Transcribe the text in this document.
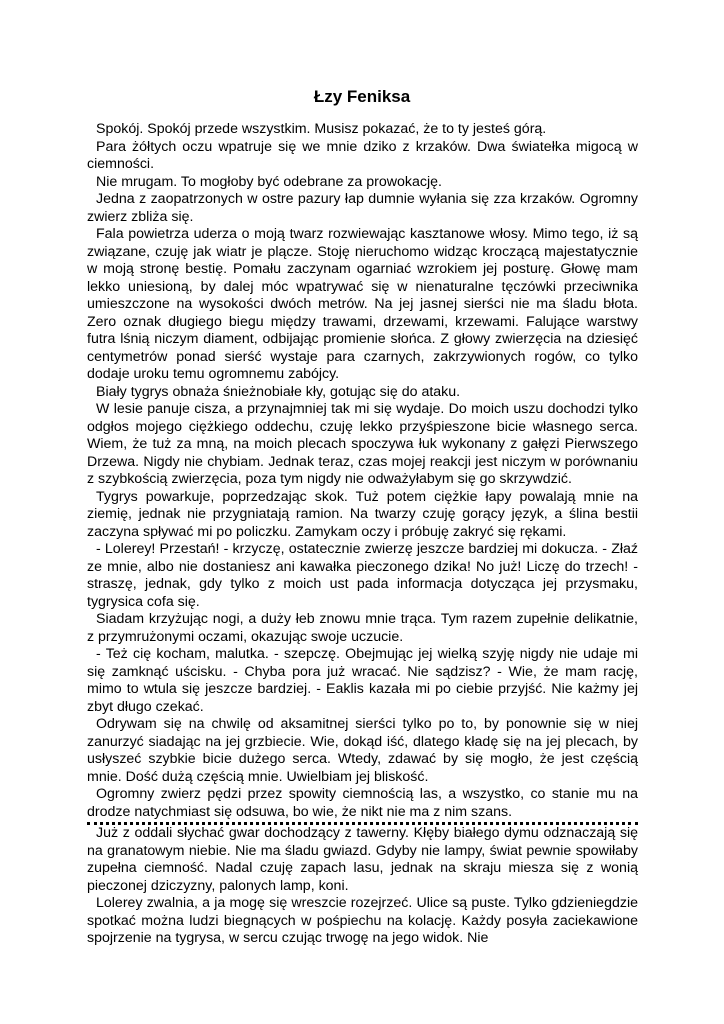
Łzy Feniksa

Spokój. Spokój przede wszystkim. Musisz pokazać, że to ty jesteś górą.

Para żółtych oczu wpatruje się we mnie dziko z krzaków. Dwa światełka migocą w ciemności.

Nie mrugam. To mogłoby być odebrane za prowokację.

Jedna z zaopatrzonych w ostre pazury łap dumnie wyłania się zza krzaków. Ogromny zwierz zbliża się.

Fala powietrza uderza o moją twarz rozwiewając kasztanowe włosy. Mimo tego, iż są związane, czuję jak wiatr je plącze. Stoję nieruchomo widząc kroczącą majestatycznie w moją stronę bestię. Pomału zaczynam ogarniać wzrokiem jej posturę. Głowę mam lekko uniesioną, by dalej móc wpatrywać się w nienaturalne tęczówki przeciwnika umieszczone na wysokości dwóch metrów. Na jej jasnej sierści nie ma śladu błota. Zero oznak długiego biegu między trawami, drzewami, krzewami. Falujące warstwy futra lśnią niczym diament, odbijając promienie słońca. Z głowy zwierzęcia na dziesięć centymetrów ponad sierść wystaje para czarnych, zakrzywionych rogów, co tylko dodaje uroku temu ogromnemu zabójcy.

Biały tygrys obnaża śnieżnobiałe kły, gotując się do ataku.

W lesie panuje cisza, a przynajmniej tak mi się wydaje. Do moich uszu dochodzi tylko odgłos mojego ciężkiego oddechu, czuję lekko przyśpieszone bicie własnego serca. Wiem, że tuż za mną, na moich plecach spoczywa łuk wykonany z gałęzi Pierwszego Drzewa. Nigdy nie chybiam. Jednak teraz, czas mojej reakcji jest niczym w porównaniu z szybkością zwierzęcia, poza tym nigdy nie odważyłabym się go skrzywdzić.

Tygrys powarkuje, poprzedzając skok. Tuż potem ciężkie łapy powalają mnie na ziemię, jednak nie przygniatają ramion. Na twarzy czuję gorący język, a ślina bestii zaczyna spływać mi po policzku. Zamykam oczy i próbuję zakryć się rękami.

- Lolerey! Przestań! - krzyczę, ostatecznie zwierzę jeszcze bardziej mi dokucza. - Złaź ze mnie, albo nie dostaniesz ani kawałka pieczonego dzika! No już! Liczę do trzech! - straszę, jednak, gdy tylko z moich ust pada informacja dotycząca jej przysmaku, tygrysica cofa się.

Siadam krzyżując nogi, a duży łeb znowu mnie trąca. Tym razem zupełnie delikatnie, z przymrużonymi oczami, okazując swoje uczucie.

- Też cię kocham, malutka. - szepczę. Obejmując jej wielką szyję nigdy nie udaje mi się zamknąć uścisku. - Chyba pora już wracać. Nie sądzisz? - Wie, że mam rację, mimo to wtula się jeszcze bardziej. - Eaklis kazała mi po ciebie przyjść. Nie każmy jej zbyt długo czekać.

Odrywam się na chwilę od aksamitnej sierści tylko po to, by ponownie się w niej zanurzyć siadając na jej grzbiecie. Wie, dokąd iść, dlatego kładę się na jej plecach, by usłyszeć szybkie bicie dużego serca. Wtedy, zdawać by się mogło, że jest częścią mnie. Dość dużą częścią mnie. Uwielbiam jej bliskość.

Ogromny zwierz pędzi przez spowity ciemnością las, a wszystko, co stanie mu na drodze natychmiast się odsuwa, bo wie, że nikt nie ma z nim szans.

Już z oddali słychać gwar dochodzący z tawerny. Kłęby białego dymu odznaczają się na granatowym niebie. Nie ma śladu gwiazd. Gdyby nie lampy, świat pewnie spowiłaby zupełna ciemność. Nadal czuję zapach lasu, jednak na skraju miesza się z wonią pieczonej dziczyzny, palonych lamp, koni.

Lolerey zwalnia, a ja mogę się wreszcie rozejrzeć. Ulice są puste. Tylko gdzieniegdzie spotkać można ludzi biegnących w pośpiechu na kolację. Każdy posyła zaciekawione spojrzenie na tygrysa, w sercu czując trwogę na jego widok. Nie
